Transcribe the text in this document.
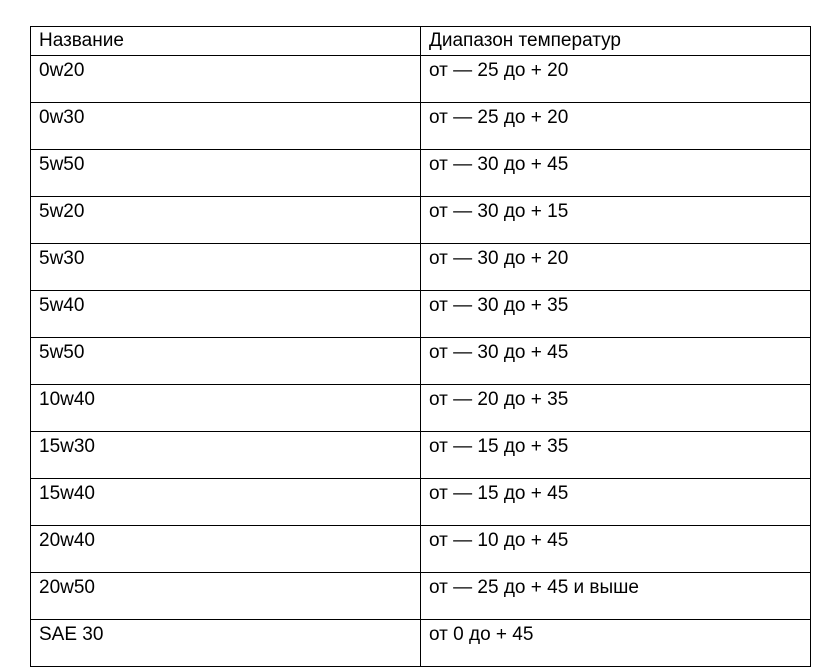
Название	Диапазон температур
0w20	от — 25 до + 20
0w30	от — 25 до + 20
5w50	от — 30 до + 45
5w20	от — 30 до + 15
5w30	от — 30 до + 20
5w40	от — 30 до + 35
5w50	от — 30 до + 45
10w40	от — 20 до + 35
15w30	от — 15 до + 35
15w40	от — 15 до + 45
20w40	от — 10 до + 45
20w50	от — 25 до + 45 и выше
SAE 30	от 0 до + 45
